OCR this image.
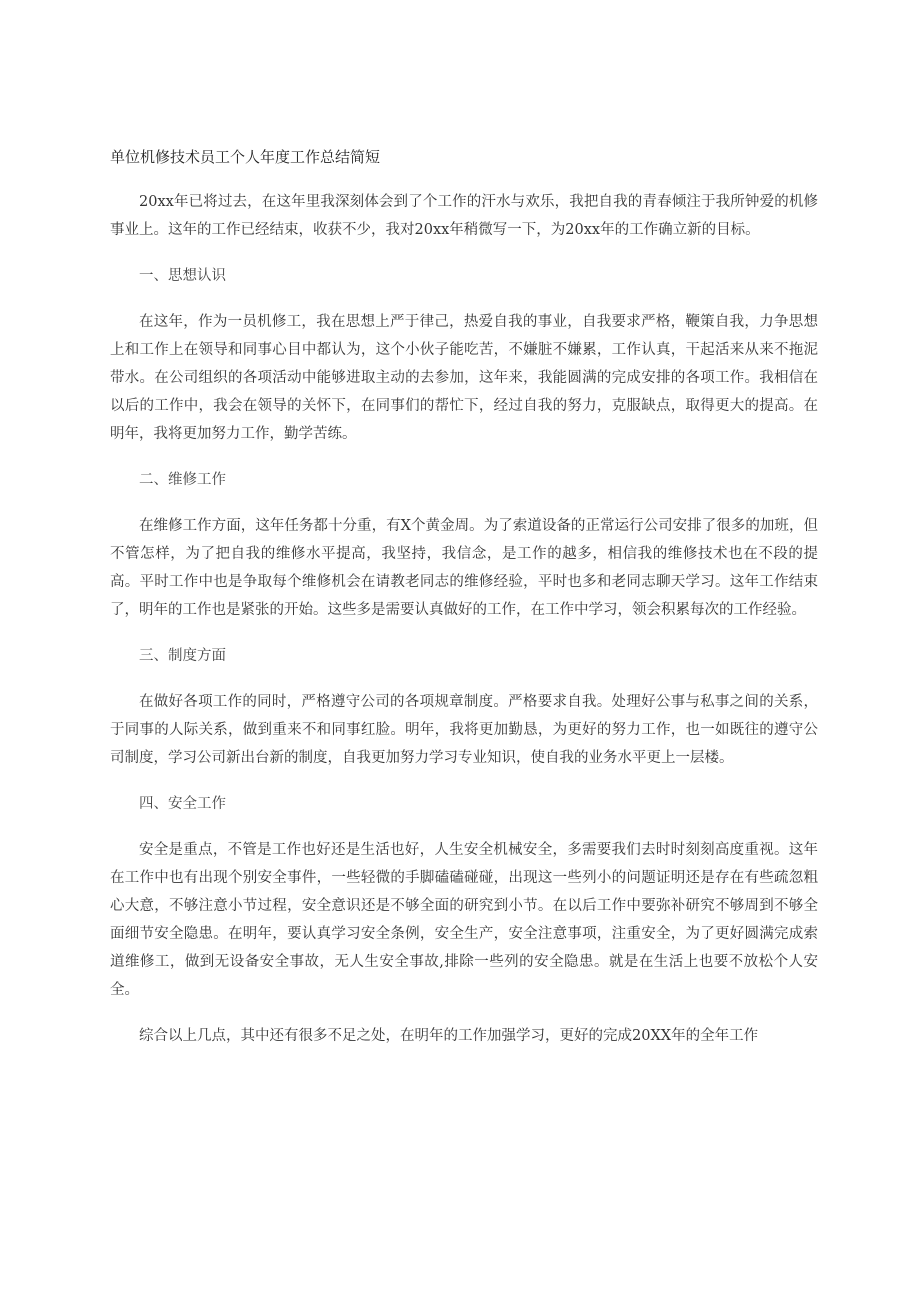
单位机修技术员工个人年度工作总结简短

20xx年已将过去，在这年里我深刻体会到了个工作的汗水与欢乐，我把自我的青春倾注于我所钟爱的机修事业上。这年的工作已经结束，收获不少，我对20xx年稍微写一下，为20xx年的工作确立新的目标。

一、思想认识

在这年，作为一员机修工，我在思想上严于律己，热爱自我的事业，自我要求严格，鞭策自我，力争思想上和工作上在领导和同事心目中都认为，这个小伙子能吃苦，不嫌脏不嫌累，工作认真，干起活来从来不拖泥带水。在公司组织的各项活动中能够进取主动的去参加，这年来，我能圆满的完成安排的各项工作。我相信在以后的工作中，我会在领导的关怀下，在同事们的帮忙下，经过自我的努力，克服缺点，取得更大的提高。在明年，我将更加努力工作，勤学苦练。

二、维修工作

在维修工作方面，这年任务都十分重，有X个黄金周。为了索道设备的正常运行公司安排了很多的加班，但不管怎样，为了把自我的维修水平提高，我坚持，我信念，是工作的越多，相信我的维修技术也在不段的提高。平时工作中也是争取每个维修机会在请教老同志的维修经验，平时也多和老同志聊天学习。这年工作结束了，明年的工作也是紧张的开始。这些多是需要认真做好的工作，在工作中学习，领会积累每次的工作经验。

三、制度方面

在做好各项工作的同时，严格遵守公司的各项规章制度。严格要求自我。处理好公事与私事之间的关系，于同事的人际关系，做到重来不和同事红脸。明年，我将更加勤恳，为更好的努力工作，也一如既往的遵守公司制度，学习公司新出台新的制度，自我更加努力学习专业知识，使自我的业务水平更上一层楼。

四、安全工作

安全是重点，不管是工作也好还是生活也好，人生安全机械安全，多需要我们去时时刻刻高度重视。这年在工作中也有出现个别安全事件，一些轻微的手脚磕磕碰碰，出现这一些列小的问题证明还是存在有些疏忽粗心大意，不够注意小节过程，安全意识还是不够全面的研究到小节。在以后工作中要弥补研究不够周到不够全面细节安全隐患。在明年，要认真学习安全条例，安全生产，安全注意事项，注重安全，为了更好圆满完成索道维修工，做到无设备安全事故，无人生安全事故,排除一些列的安全隐患。就是在生活上也要不放松个人安全。

综合以上几点，其中还有很多不足之处，在明年的工作加强学习，更好的完成20XX年的全年工作
